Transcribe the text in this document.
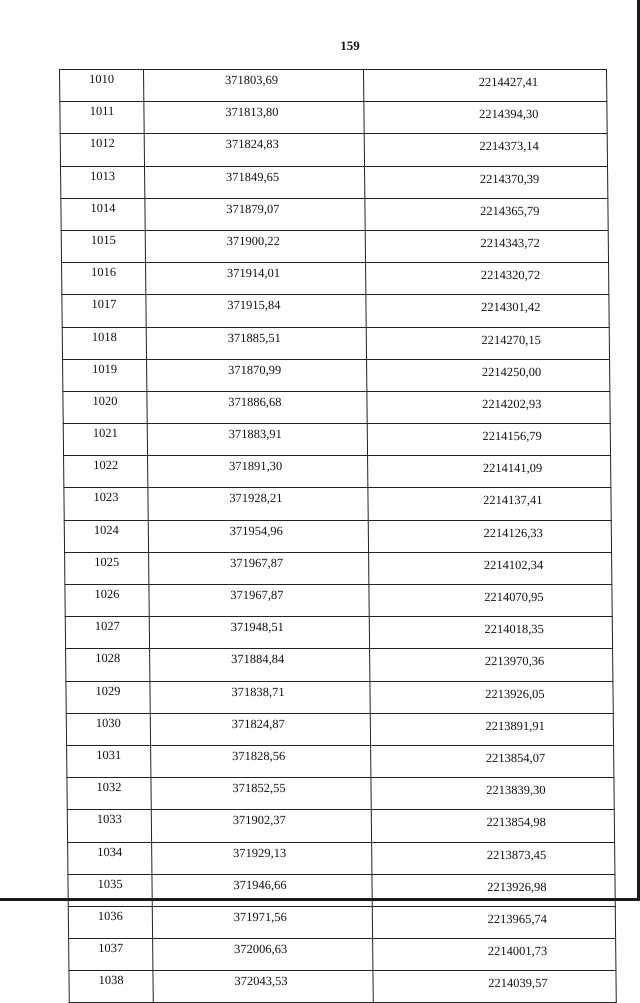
159
1010	371803,69	2214427,41
1011	371813,80	2214394,30
1012	371824,83	2214373,14
1013	371849,65	2214370,39
1014	371879,07	2214365,79
1015	371900,22	2214343,72
1016	371914,01	2214320,72
1017	371915,84	2214301,42
1018	371885,51	2214270,15
1019	371870,99	2214250,00
1020	371886,68	2214202,93
1021	371883,91	2214156,79
1022	371891,30	2214141,09
1023	371928,21	2214137,41
1024	371954,96	2214126,33
1025	371967,87	2214102,34
1026	371967,87	2214070,95
1027	371948,51	2214018,35
1028	371884,84	2213970,36
1029	371838,71	2213926,05
1030	371824,87	2213891,91
1031	371828,56	2213854,07
1032	371852,55	2213839,30
1033	371902,37	2213854,98
1034	371929,13	2213873,45
1035	371946,66	2213926,98
1036	371971,56	2213965,74
1037	372006,63	2214001,73
1038	372043,53	2214039,57
